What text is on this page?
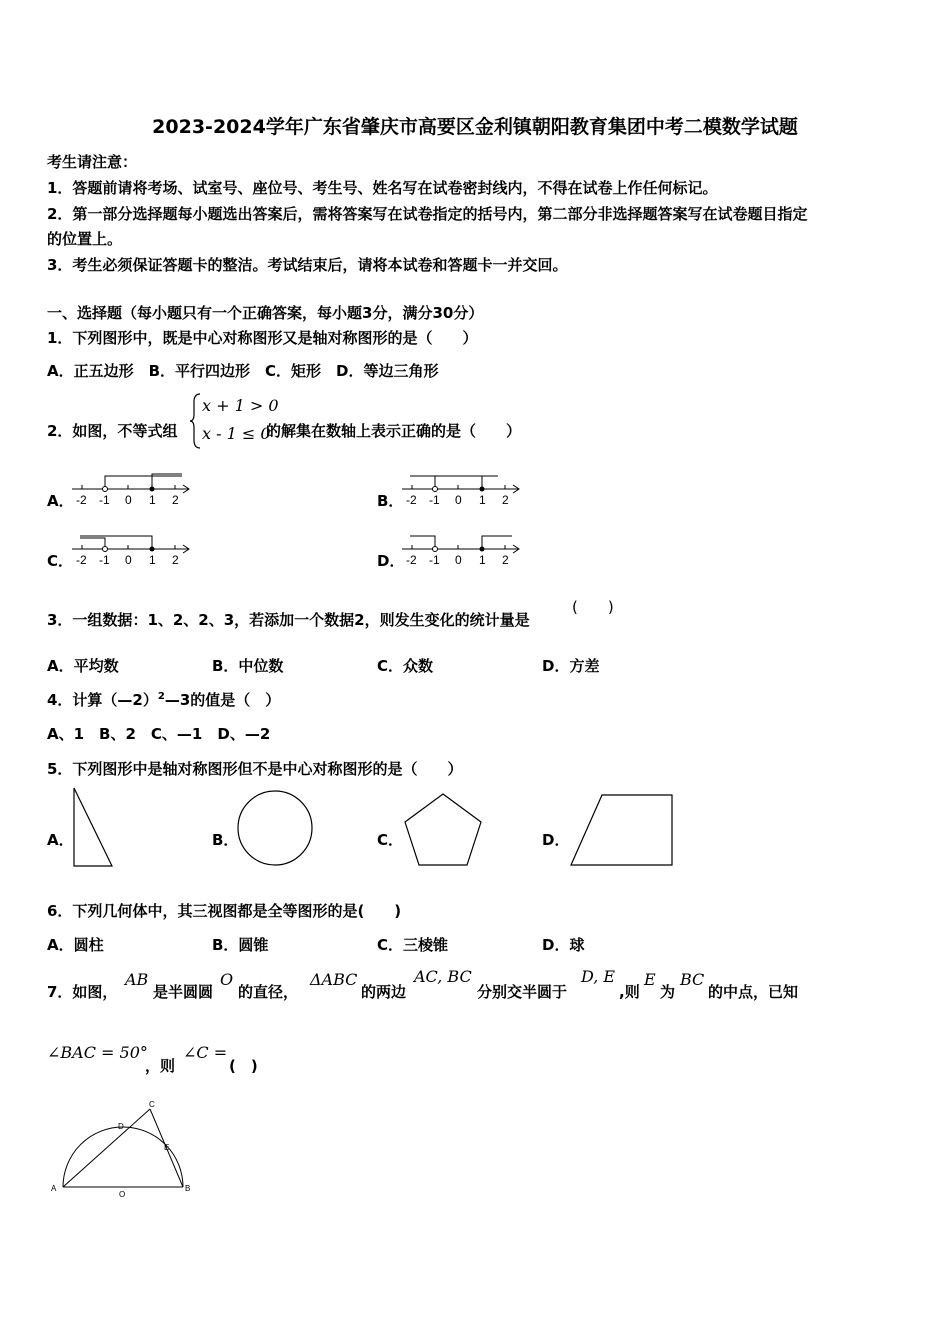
2023-2024学年广东省肇庆市高要区金利镇朝阳教育集团中考二模数学试题
考生请注意：
1．答题前请将考场、试室号、座位号、考生号、姓名写在试卷密封线内，不得在试卷上作任何标记。
2．第一部分选择题每小题选出答案后，需将答案写在试卷指定的括号内，第二部分非选择题答案写在试卷题目指定
的位置上。
3．考生必须保证答题卡的整洁。考试结束后，请将本试卷和答题卡一并交回。
一、选择题（每小题只有一个正确答案，每小题3分，满分30分）
1．下列图形中，既是中心对称图形又是轴对称图形的是（　　）
A．正五边形　B．平行四边形　C．矩形　D．等边三角形
2．如图，不等式组
x + 1 > 0
x - 1 ≤ 0
的解集在数轴上表示正确的是（　　）
A．	B．
C．	D．
-2 -1 0 1 2	-2 -1 0 1 2
-2 -1 0 1 2	-2 -1 0 1 2
3．一组数据：1、2、2、3，若添加一个数据2，则发生变化的统计量是
(　　)
A．平均数	B．中位数	C．众数	D．方差
4．计算（—2）$^2$—3的值是（　）
A、1　B、2　C、—1　D、—2
5．下列图形中是轴对称图形但不是中心对称图形的是（　　）
A．	B．	C．	D．
6．下列几何体中，其三视图都是全等图形的是(　　)
A．圆柱	B．圆锥	C．三棱锥	D．球
7．如图，
AB
是半圆圆
O
的直径，
ΔABC
的两边
AC, BC
分别交半圆于
D, E
,则
E
为
BC
的中点，已知
∠BAC = 50°
，则
∠C =
(　)
A	B
C
D
E
O
